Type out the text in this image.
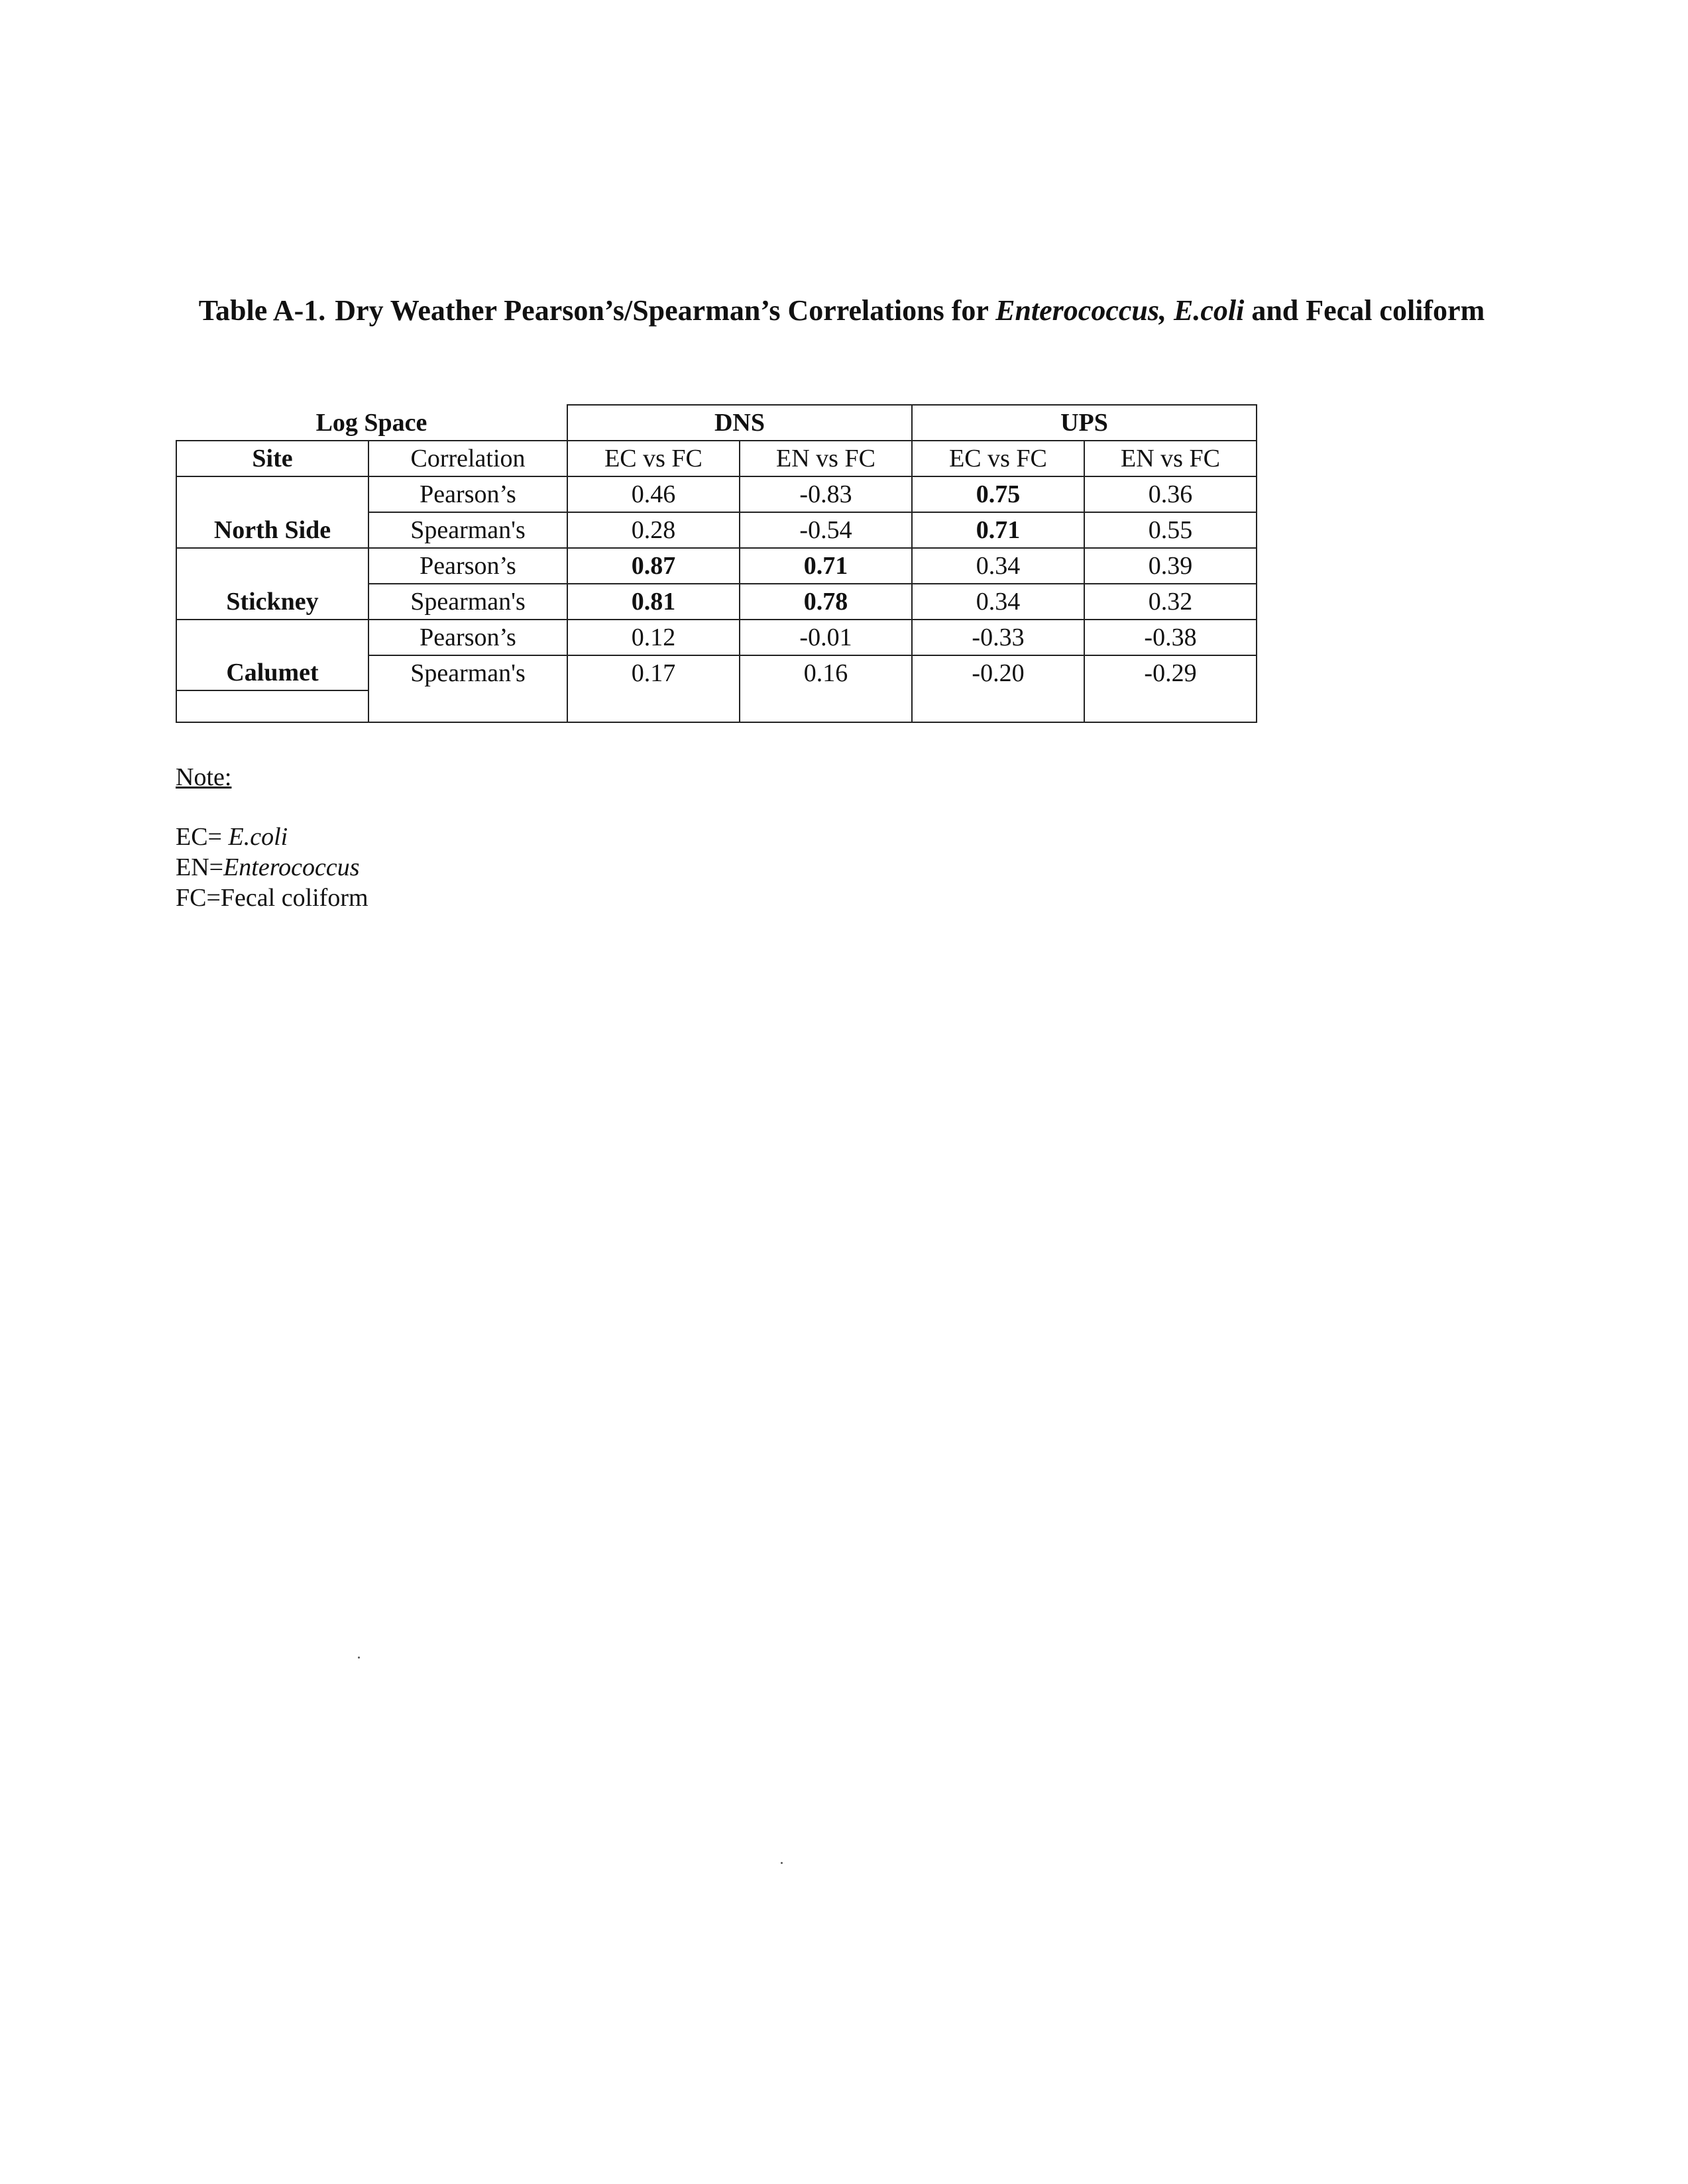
Table A-1. Dry Weather Pearson’s/Spearman’s Correlations for Enterococcus, E.coli and Fecal coliform
Log Space		DNS		UPS	
Site	Correlation	EC vs FC	EN vs FC	EC vs FC	EN vs FC
North Side	Pearson’s	0.46	-0.83	0.75	0.36
	Spearman's	0.28	-0.54	0.71	0.55
Stickney	Pearson’s	0.87	0.71	0.34	0.39
	Spearman's	0.81	0.78	0.34	0.32
Calumet	Pearson’s	0.12	-0.01	-0.33	-0.38
	Spearman's	0.17	0.16	-0.20	-0.29

Note:
EC= E.coli
EN=Enterococcus
FC=Fecal coliform
